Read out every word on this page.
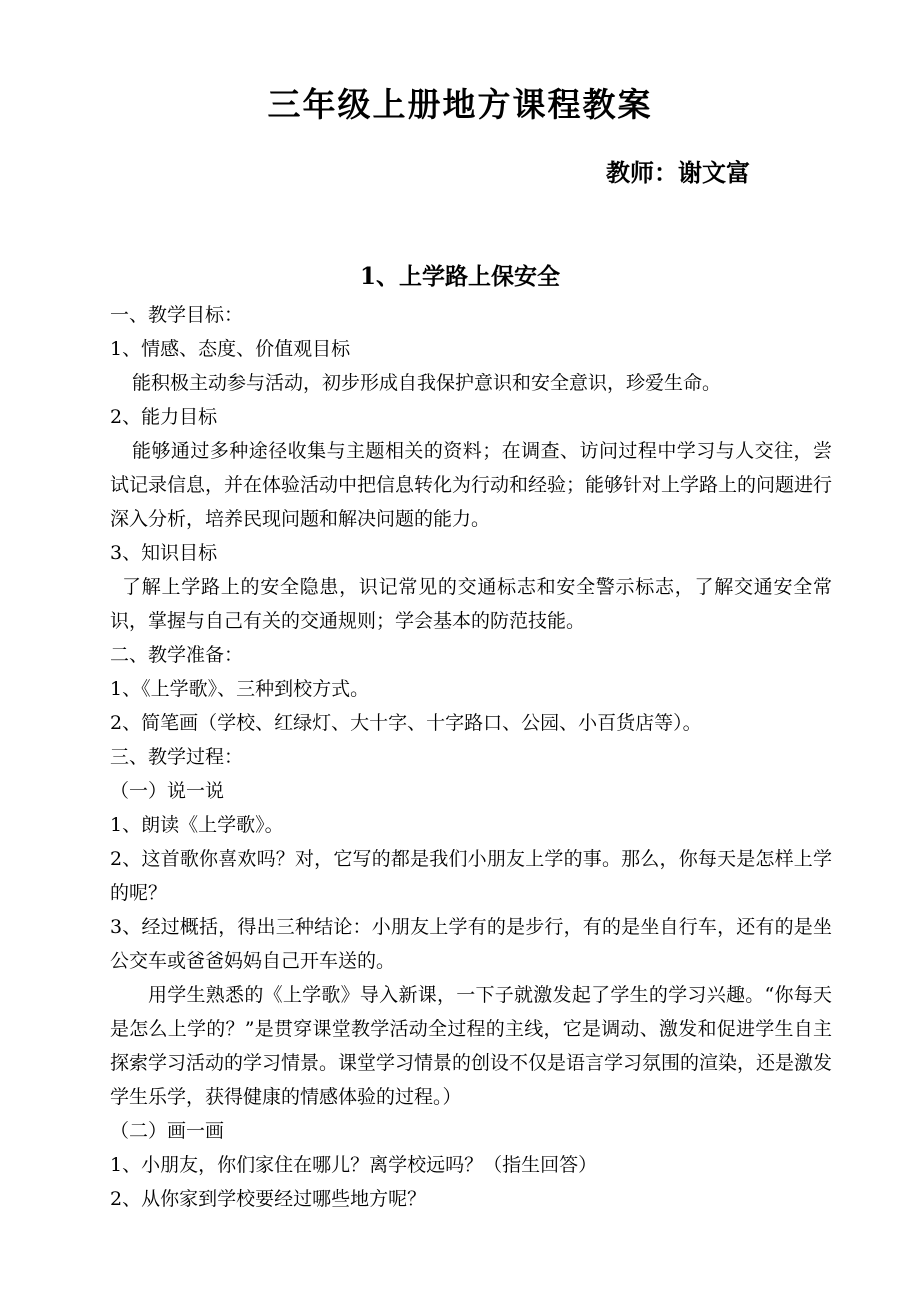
三年级上册地方课程教案
教师：谢文富
1、上学路上保安全
一、教学目标：
1、情感、态度、价值观目标
能积极主动参与活动，初步形成自我保护意识和安全意识，珍爱生命。
2、能力目标
能够通过多种途径收集与主题相关的资料；在调查、访问过程中学习与人交往，尝试记录信息，并在体验活动中把信息转化为行动和经验；能够针对上学路上的问题进行深入分析，培养民现问题和解决问题的能力。
3、知识目标
了解上学路上的安全隐患，识记常见的交通标志和安全警示标志，了解交通安全常识，掌握与自己有关的交通规则；学会基本的防范技能。
二、教学准备：
1、《上学歌》、三种到校方式。
2、简笔画（学校、红绿灯、大十字、十字路口、公园、小百货店等）。
三、教学过程：
（一）说一说
1、朗读《上学歌》。
2、这首歌你喜欢吗？对，它写的都是我们小朋友上学的事。那么，你每天是怎样上学的呢？
3、经过概括，得出三种结论：小朋友上学有的是步行，有的是坐自行车，还有的是坐公交车或爸爸妈妈自己开车送的。
用学生熟悉的《上学歌》导入新课，一下子就激发起了学生的学习兴趣。“你每天是怎么上学的？”是贯穿课堂教学活动全过程的主线，它是调动、激发和促进学生自主探索学习活动的学习情景。课堂学习情景的创设不仅是语言学习氛围的渲染，还是激发学生乐学，获得健康的情感体验的过程。）
（二）画一画
1、小朋友，你们家住在哪儿？离学校远吗？（指生回答）
2、从你家到学校要经过哪些地方呢？
